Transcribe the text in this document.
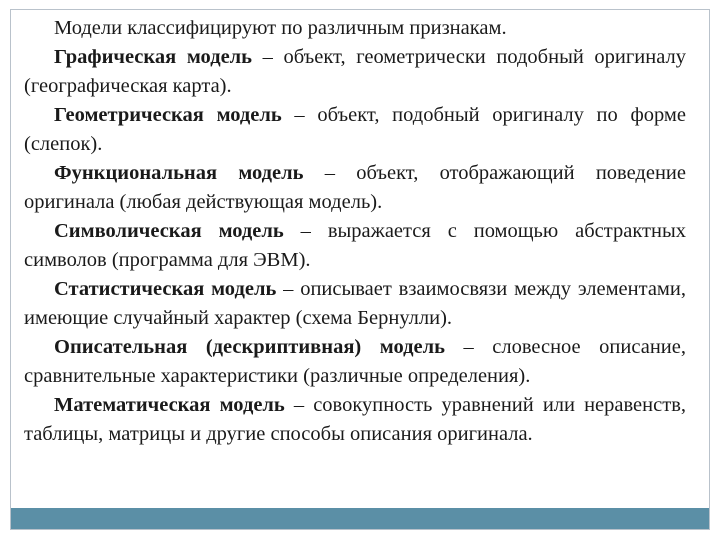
Модели классифицируют по различным признакам.

Графическая модель – объект, геометрически подобный оригиналу (географическая карта).

Геометрическая модель – объект, подобный оригиналу по форме (слепок).

Функциональная модель – объект, отображающий поведение оригинала (любая действующая модель).

Символическая модель – выражается с помощью абстрактных символов (программа для ЭВМ).

Статистическая модель – описывает взаимосвязи между элементами, имеющие случайный характер (схема Бернулли).

Описательная (дескриптивная) модель – словесное описание, сравнительные характеристики (различные определения).

Математическая модель – совокупность уравнений или неравенств, таблицы, матрицы и другие способы описания оригинала.
